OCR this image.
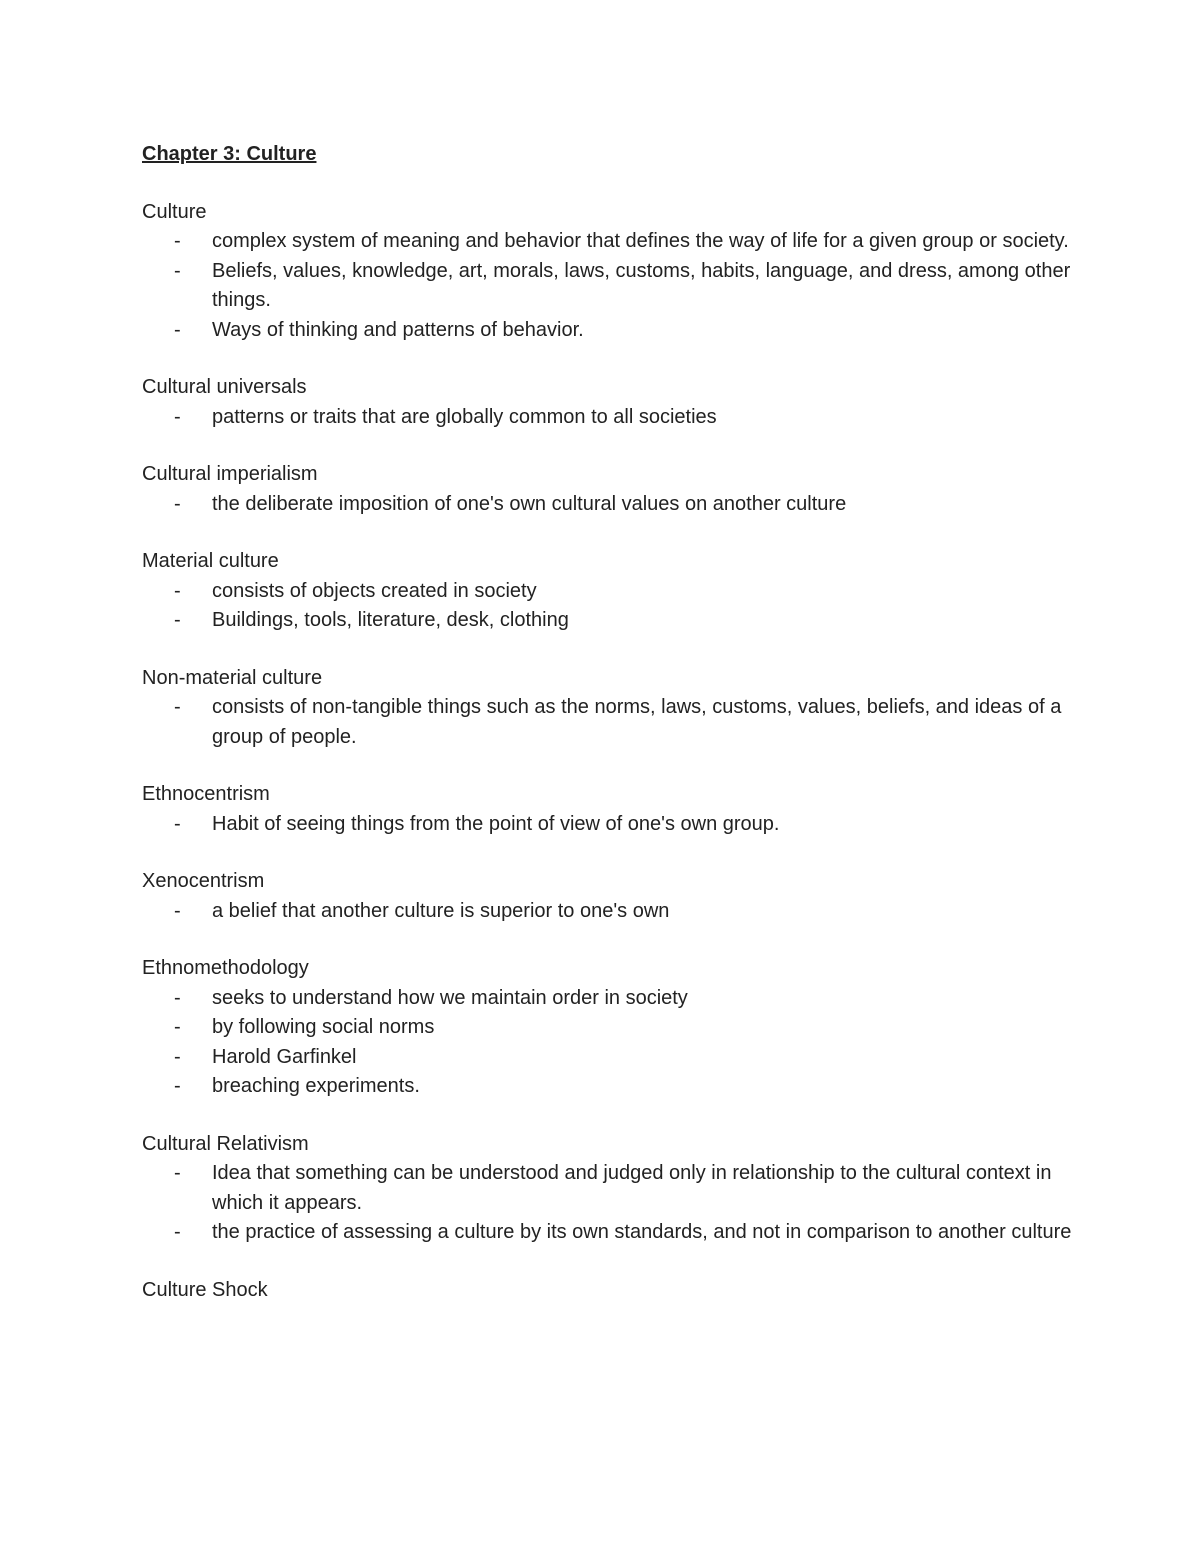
Chapter 3: Culture
Culture
- complex system of meaning and behavior that defines the way of life for a given group or society.
- Beliefs, values, knowledge, art, morals, laws, customs, habits, language, and dress, among other things.
- Ways of thinking and patterns of behavior.
Cultural universals
- patterns or traits that are globally common to all societies
Cultural imperialism
- the deliberate imposition of one's own cultural values on another culture
Material culture
- consists of objects created in society
- Buildings, tools, literature, desk, clothing
Non-material culture
- consists of non-tangible things such as the norms, laws, customs, values, beliefs, and ideas of a group of people.
Ethnocentrism
- Habit of seeing things from the point of view of one's own group.
Xenocentrism
- a belief that another culture is superior to one's own
Ethnomethodology
- seeks to understand how we maintain order in society
- by following social norms
- Harold Garfinkel
- breaching experiments.
Cultural Relativism
- Idea that something can be understood and judged only in relationship to the cultural context in which it appears.
- the practice of assessing a culture by its own standards, and not in comparison to another culture
Culture Shock
